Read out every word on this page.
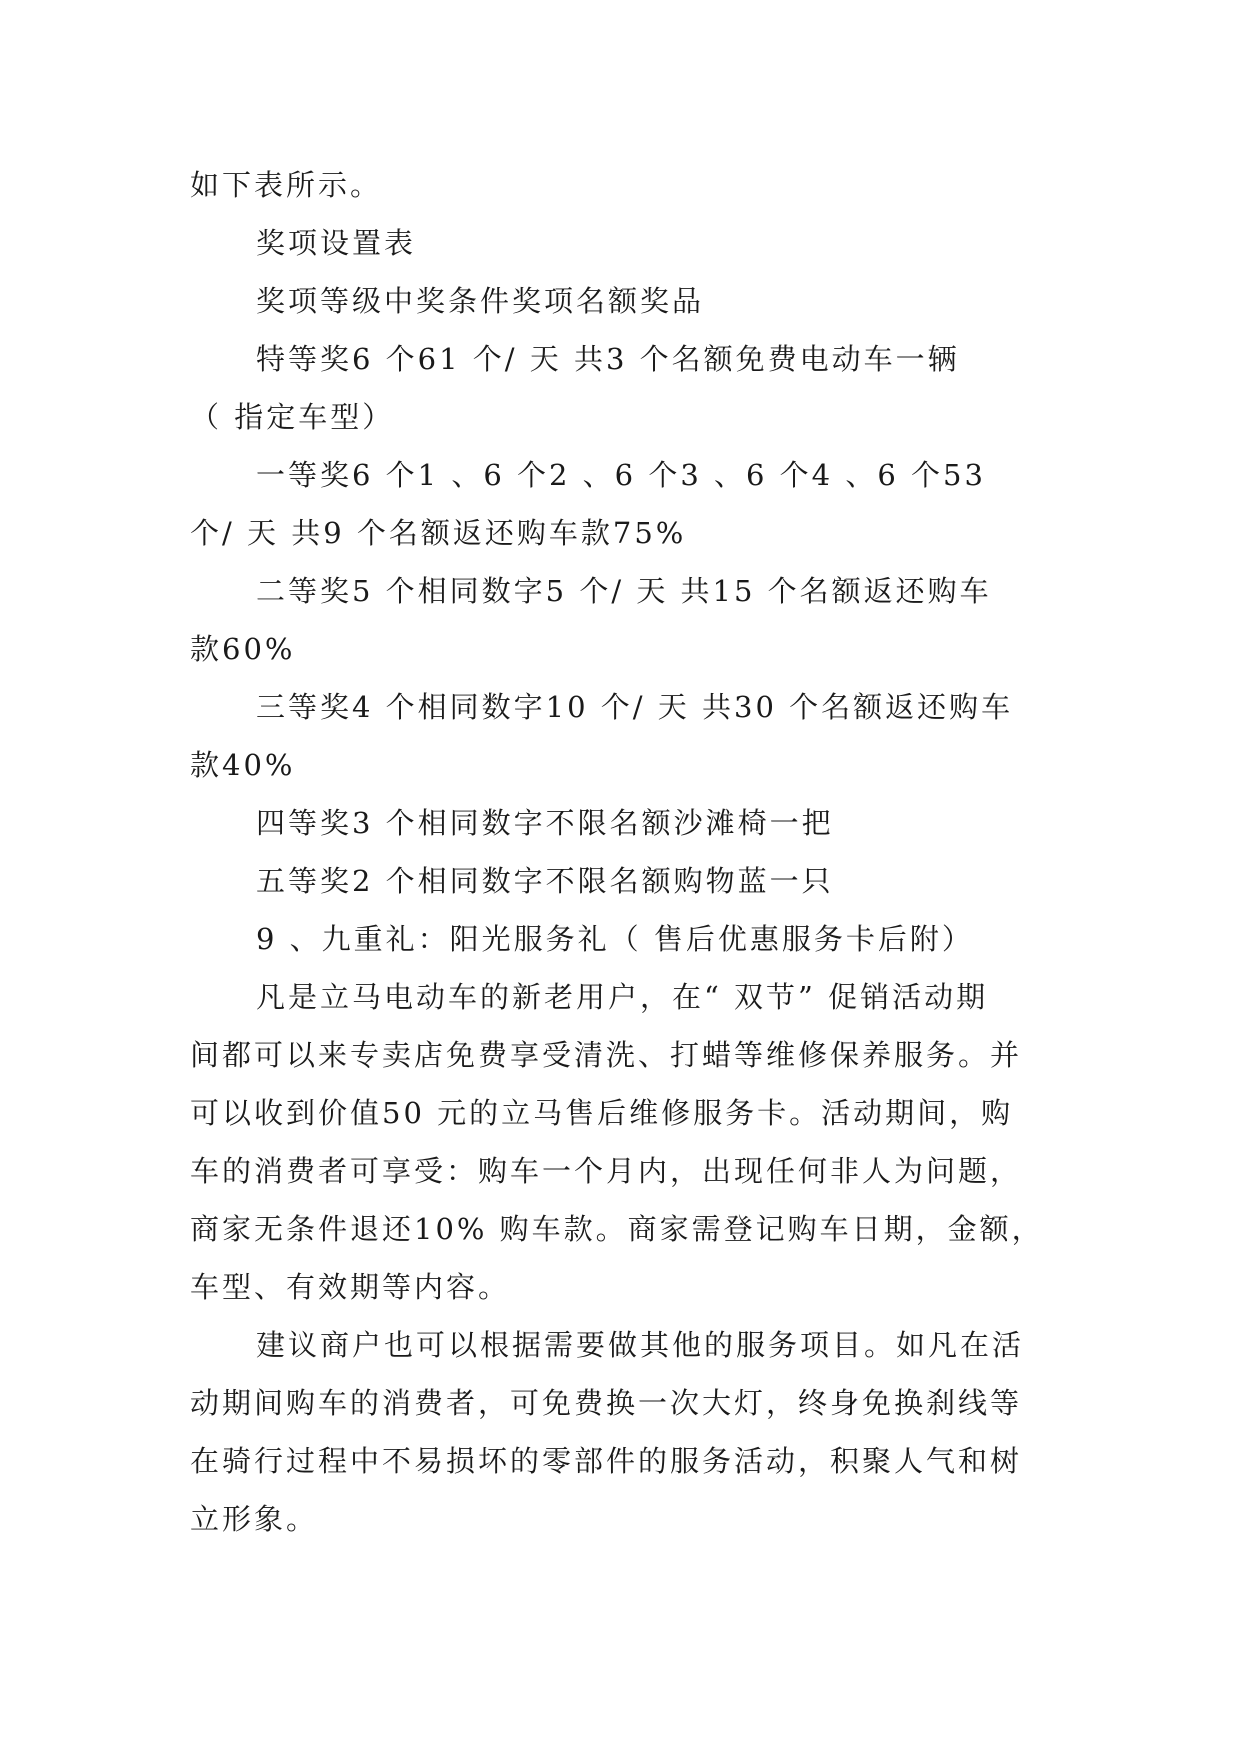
如下表所示。
奖项设置表
奖项等级中奖条件奖项名额奖品
特等奖6 个61 个/ 天 共3 个名额免费电动车一辆
（ 指定车型）
一等奖6 个1 、6 个2 、6 个3 、6 个4 、6 个53
个/ 天 共9 个名额返还购车款75%
二等奖5 个相同数字5 个/ 天 共15 个名额返还购车
款60%
三等奖4 个相同数字10 个/ 天 共30 个名额返还购车
款40%
四等奖3 个相同数字不限名额沙滩椅一把
五等奖2 个相同数字不限名额购物蓝一只
9 、九重礼：阳光服务礼（ 售后优惠服务卡后附）
凡是立马电动车的新老用户，在“ 双节” 促销活动期
间都可以来专卖店免费享受清洗、打蜡等维修保养服务。并
可以收到价值50 元的立马售后维修服务卡。活动期间，购
车的消费者可享受：购车一个月内，出现任何非人为问题，
商家无条件退还10% 购车款。商家需登记购车日期，金额，
车型、有效期等内容。
建议商户也可以根据需要做其他的服务项目。如凡在活
动期间购车的消费者，可免费换一次大灯，终身免换刹线等
在骑行过程中不易损坏的零部件的服务活动，积聚人气和树
立形象。
